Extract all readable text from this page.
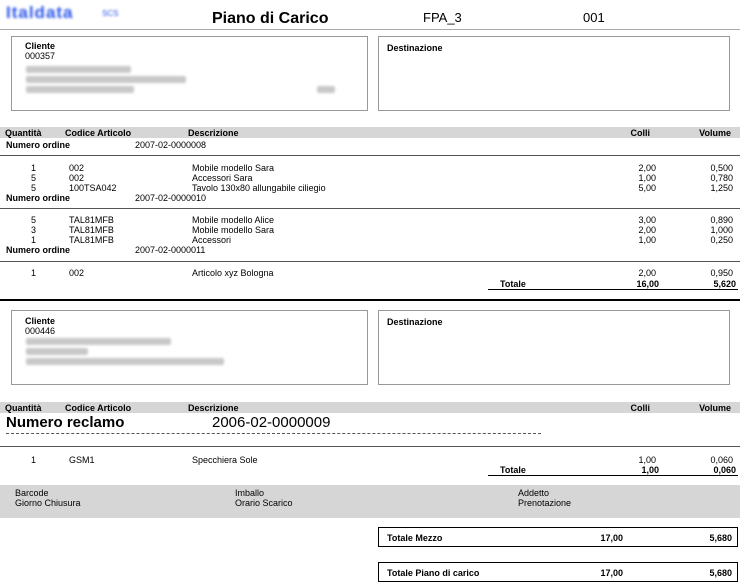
Italdata	SCS	Piano di Carico	FPA_3	001
Cliente
000357
Destinazione
Quantità	Codice Articolo	Descrizione	Colli	Volume
Numero ordine	2007-02-0000008
1	002	Mobile modello Sara	2,00	0,500
5	002	Accessori Sara	1,00	0,780
5	100TSA042	Tavolo 130x80 allungabile ciliegio	5,00	1,250
Numero ordine	2007-02-0000010
5	TAL81MFB	Mobile modello Alice	3,00	0,890
3	TAL81MFB	Mobile modello Sara	2,00	1,000
1	TAL81MFB	Accessori	1,00	0,250
Numero ordine	2007-02-0000011
1	002	Articolo xyz Bologna	2,00	0,950
Totale	16,00	5,620
Cliente
000446
Destinazione
Quantità	Codice Articolo	Descrizione	Colli	Volume
Numero reclamo	2006-02-0000009
1	GSM1	Specchiera Sole	1,00	0,060
Totale	1,00	0,060
Barcode
Giorno Chiusura
Imballo
Orario Scarico
Addetto
Prenotazione
Totale Mezzo	17,00	5,680
Totale Piano di carico	17,00	5,680
